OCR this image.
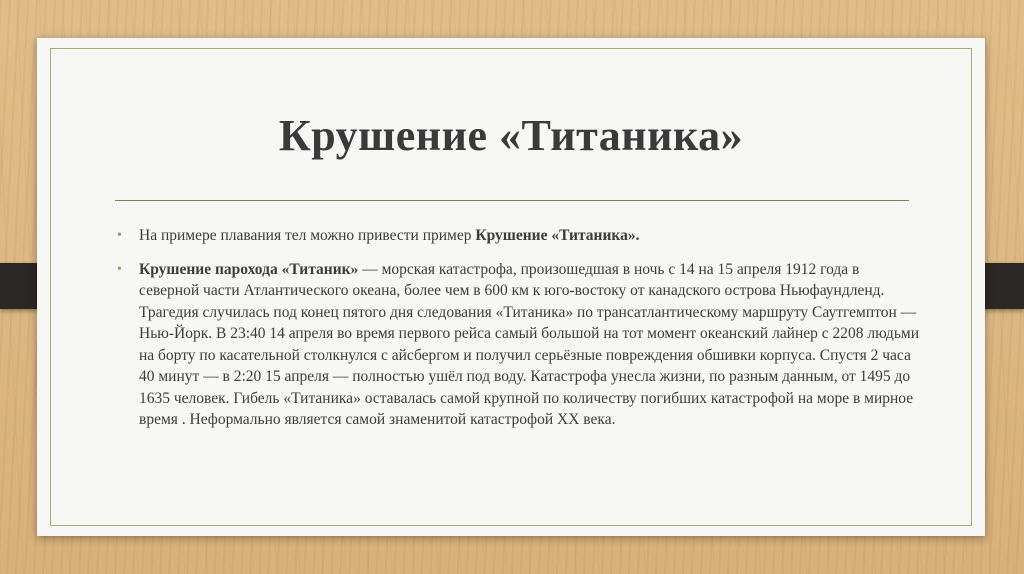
Крушение «Титаника»
• На примере плавания тел можно привести пример Крушение «Титаника».
• Крушение парохода «Титаник» — морская катастрофа, произошедшая в ночь с 14 на 15 апреля 1912 года в северной части Атлантического океана, более чем в 600 км к юго-востоку от канадского острова Ньюфаундленд. Трагедия случилась под конец пятого дня следования «Титаника» по трансатлантическому маршруту Саутгемптон — Нью-Йорк. В 23:40 14 апреля во время первого рейса самый большой на тот момент океанский лайнер с 2208 людьми на борту по касательной столкнулся с айсбергом и получил серьёзные повреждения обшивки корпуса. Спустя 2 часа 40 минут — в 2:20 15 апреля — полностью ушёл под воду. Катастрофа унесла жизни, по разным данным, от 1495 до 1635 человек. Гибель «Титаника» оставалась самой крупной по количеству погибших катастрофой на море в мирное время . Неформально является самой знаменитой катастрофой XX века.
